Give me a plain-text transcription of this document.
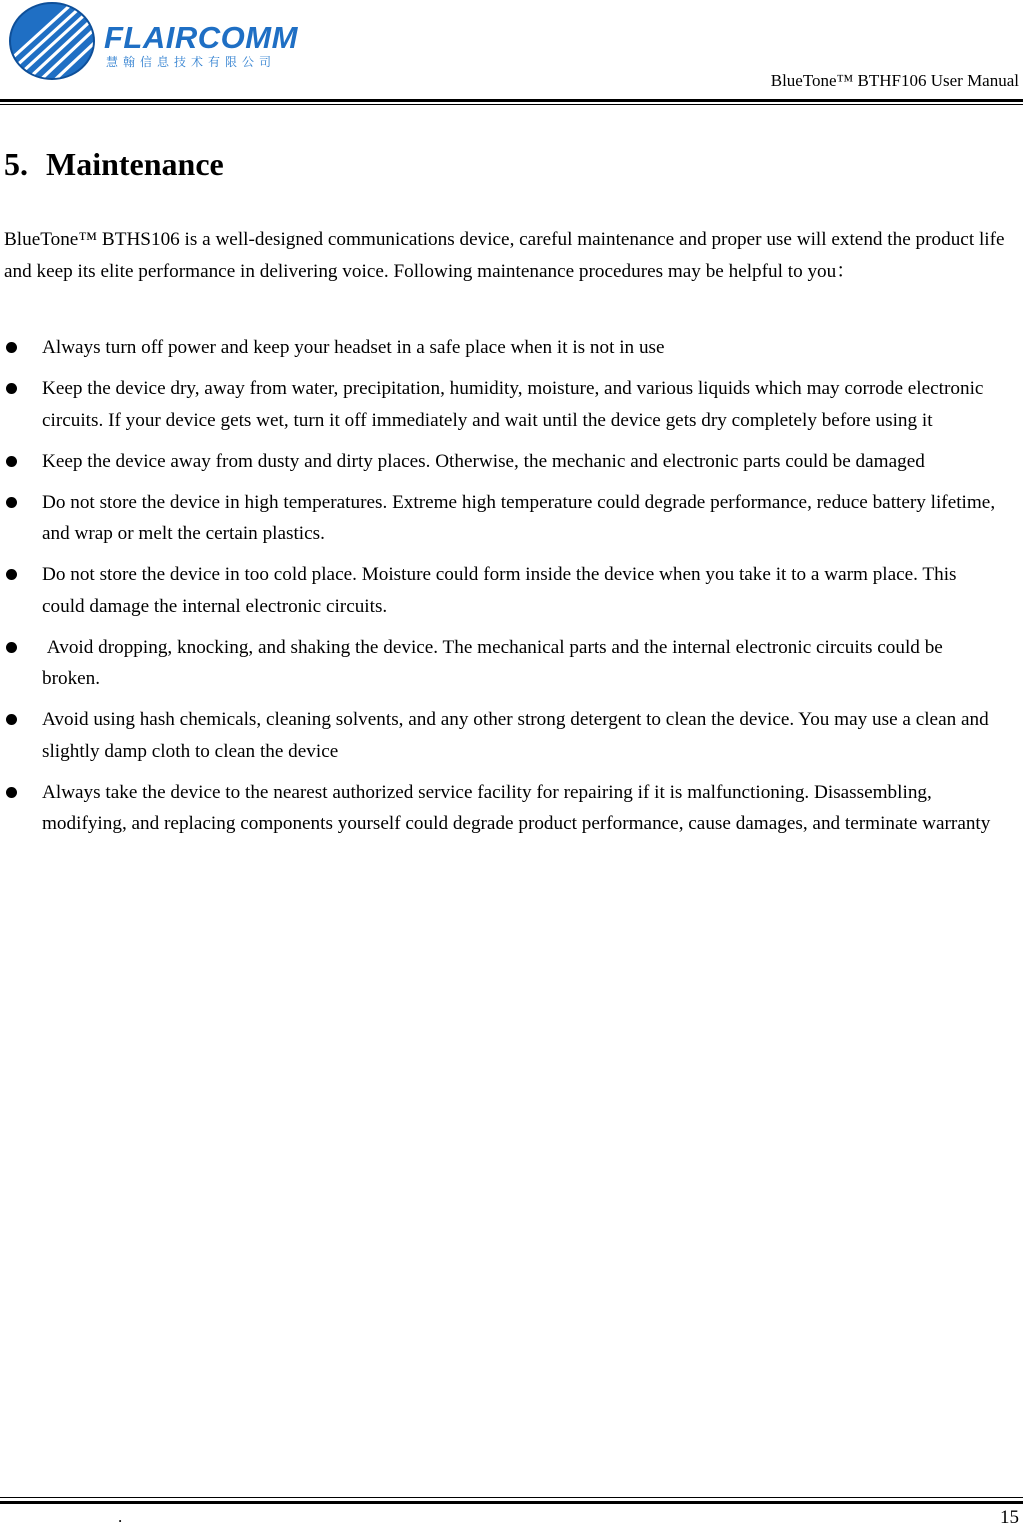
FLAIRCOMM
慧翰信息技术有限公司
BlueTone™ BTHF106 User Manual
5. Maintenance

BlueTone™ BTHS106 is a well-designed communications device, careful maintenance and proper use will extend the product life and keep its elite performance in delivering voice. Following maintenance procedures may be helpful to you：

Always turn off power and keep your headset in a safe place when it is not in use
Keep the device dry, away from water, precipitation, humidity, moisture, and various liquids which may corrode electronic circuits. If your device gets wet, turn it off immediately and wait until the device gets dry completely before using it
Keep the device away from dusty and dirty places. Otherwise, the mechanic and electronic parts could be damaged
Do not store the device in high temperatures. Extreme high temperature could degrade performance, reduce battery lifetime, and wrap or melt the certain plastics.
Do not store the device in too cold place. Moisture could form inside the device when you take it to a warm place. This could damage the internal electronic circuits.
Avoid dropping, knocking, and shaking the device. The mechanical parts and the internal electronic circuits could be broken.
Avoid using hash chemicals, cleaning solvents, and any other strong detergent to clean the device. You may use a clean and slightly damp cloth to clean the device
Always take the device to the nearest authorized service facility for repairing if it is malfunctioning. Disassembling, modifying, and replacing components yourself could degrade product performance, cause damages, and terminate warranty
.	15
